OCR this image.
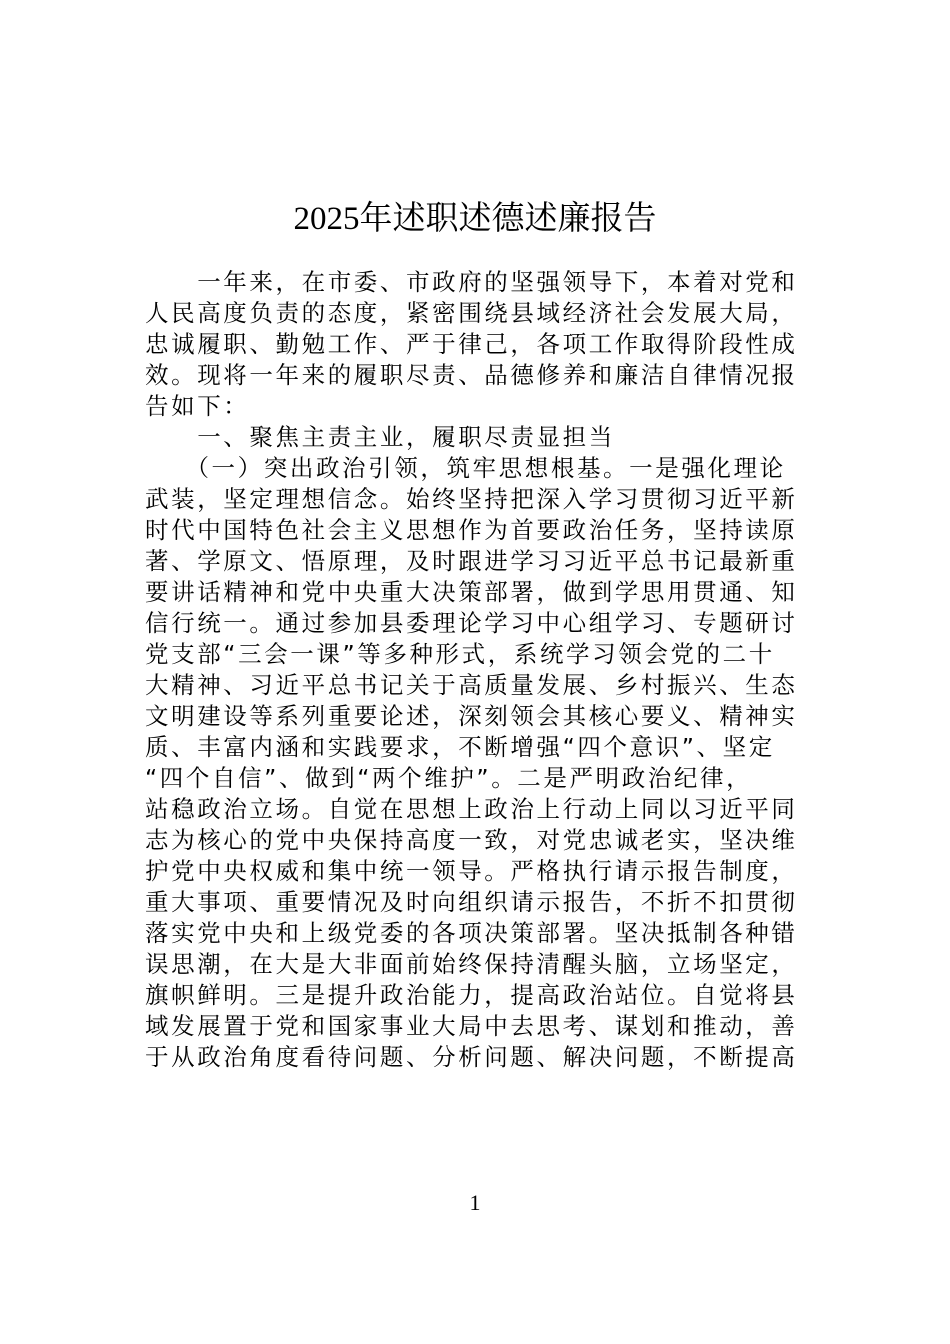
2025年述职述德述廉报告
　　一年来，在市委、市政府的坚强领导下，本着对党和
人民高度负责的态度，紧密围绕县域经济社会发展大局，
忠诚履职、勤勉工作、严于律己，各项工作取得阶段性成
效。现将一年来的履职尽责、品德修养和廉洁自律情况报
告如下：
　　一、聚焦主责主业，履职尽责显担当
　　（一）突出政治引领，筑牢思想根基。一是强化理论
武装，坚定理想信念。始终坚持把深入学习贯彻习近平新
时代中国特色社会主义思想作为首要政治任务，坚持读原
著、学原文、悟原理，及时跟进学习习近平总书记最新重
要讲话精神和党中央重大决策部署，做到学思用贯通、知
信行统一。通过参加县委理论学习中心组学习、专题研讨
党支部“三会一课”等多种形式，系统学习领会党的二十
大精神、习近平总书记关于高质量发展、乡村振兴、生态
文明建设等系列重要论述，深刻领会其核心要义、精神实
质、丰富内涵和实践要求，不断增强“四个意识”、坚定
“四个自信”、做到“两个维护”。二是严明政治纪律，
站稳政治立场。自觉在思想上政治上行动上同以习近平同
志为核心的党中央保持高度一致，对党忠诚老实，坚决维
护党中央权威和集中统一领导。严格执行请示报告制度，
重大事项、重要情况及时向组织请示报告，不折不扣贯彻
落实党中央和上级党委的各项决策部署。坚决抵制各种错
误思潮，在大是大非面前始终保持清醒头脑，立场坚定，
旗帜鲜明。三是提升政治能力，提高政治站位。自觉将县
域发展置于党和国家事业大局中去思考、谋划和推动，善
于从政治角度看待问题、分析问题、解决问题，不断提高
1
